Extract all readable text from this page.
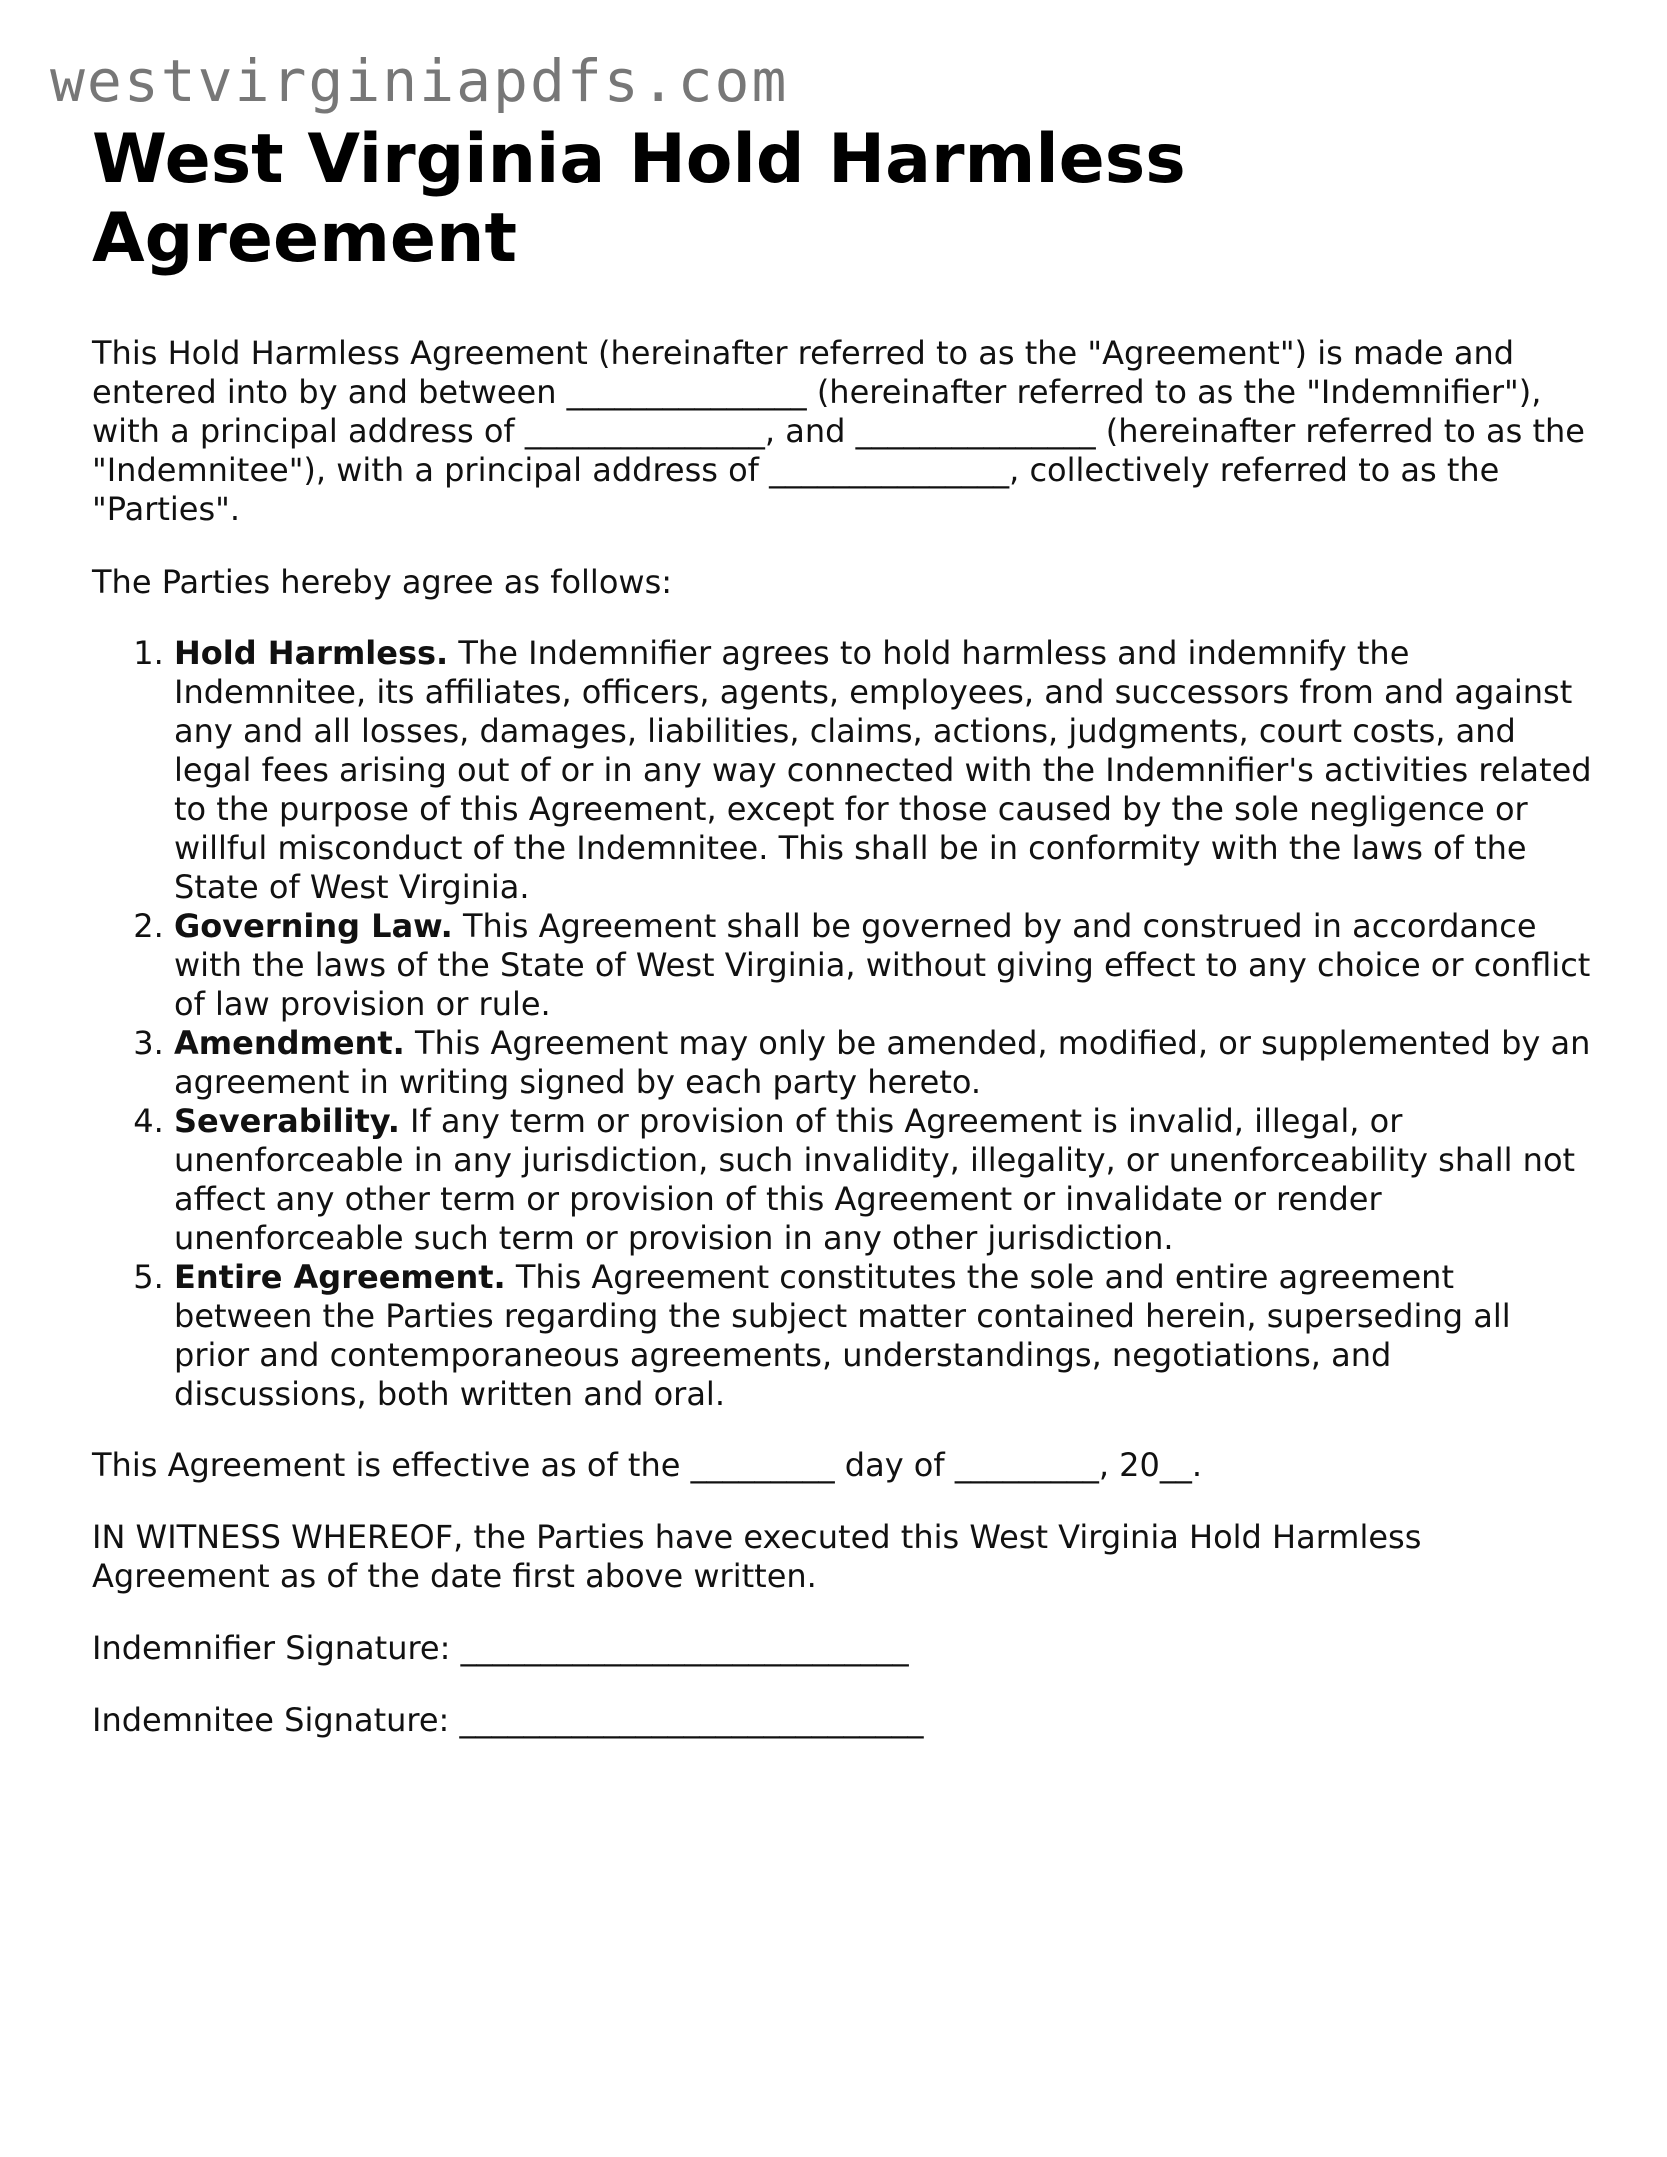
westvirginiapdfs.com
West Virginia Hold Harmless Agreement

This Hold Harmless Agreement (hereinafter referred to as the "Agreement") is made and entered into by and between _______________ (hereinafter referred to as the "Indemnifier"), with a principal address of _______________, and _______________ (hereinafter referred to as the "Indemnitee"), with a principal address of _______________, collectively referred to as the "Parties".

The Parties hereby agree as follows:

1. Hold Harmless. The Indemnifier agrees to hold harmless and indemnify the Indemnitee, its affiliates, officers, agents, employees, and successors from and against any and all losses, damages, liabilities, claims, actions, judgments, court costs, and legal fees arising out of or in any way connected with the Indemnifier's activities related to the purpose of this Agreement, except for those caused by the sole negligence or willful misconduct of the Indemnitee. This shall be in conformity with the laws of the State of West Virginia.
2. Governing Law. This Agreement shall be governed by and construed in accordance with the laws of the State of West Virginia, without giving effect to any choice or conflict of law provision or rule.
3. Amendment. This Agreement may only be amended, modified, or supplemented by an agreement in writing signed by each party hereto.
4. Severability. If any term or provision of this Agreement is invalid, illegal, or unenforceable in any jurisdiction, such invalidity, illegality, or unenforceability shall not affect any other term or provision of this Agreement or invalidate or render unenforceable such term or provision in any other jurisdiction.
5. Entire Agreement. This Agreement constitutes the sole and entire agreement between the Parties regarding the subject matter contained herein, superseding all prior and contemporaneous agreements, understandings, negotiations, and discussions, both written and oral.

This Agreement is effective as of the _________ day of _________, 20__.

IN WITNESS WHEREOF, the Parties have executed this West Virginia Hold Harmless Agreement as of the date first above written.

Indemnifier Signature: ____________________________

Indemnitee Signature: _____________________________
